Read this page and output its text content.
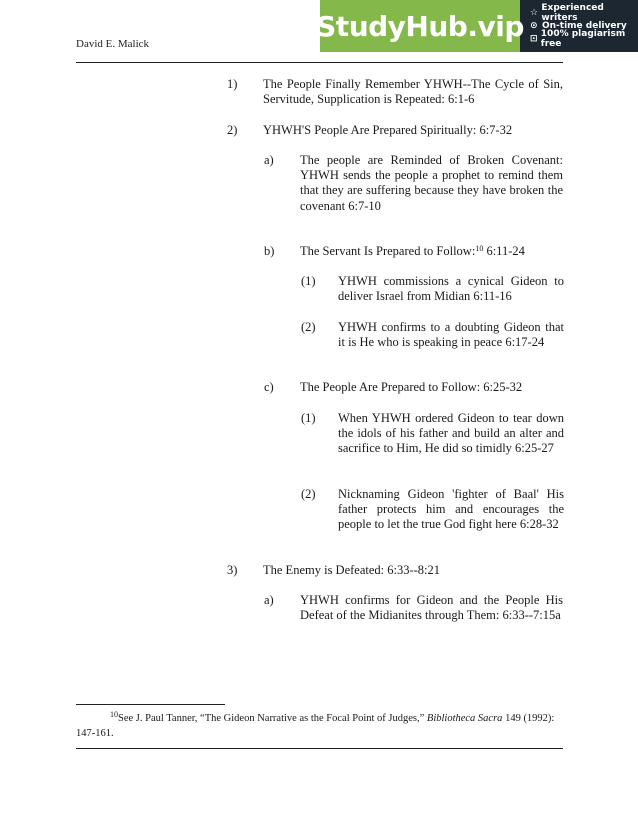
David E. Malick
StudyHub.vip ☆ Experienced writers
⊙ On-time delivery
⊡ 100% plagiarism free
1) The People Finally Remember YHWH--The Cycle of Sin, Servitude, Supplication is Repeated: 6:1-6
2) YHWH'S People Are Prepared Spiritually: 6:7-32
a) The people are Reminded of Broken Covenant: YHWH sends the people a prophet to remind them that they are suffering because they have broken the covenant 6:7-10
b) The Servant Is Prepared to Follow:$^{10}$ 6:11-24
(1) YHWH commissions a cynical Gideon to deliver Israel from Midian 6:11-16
(2) YHWH confirms to a doubting Gideon that it is He who is speaking in peace 6:17-24
c) The People Are Prepared to Follow: 6:25-32
(1) When YHWH ordered Gideon to tear down the idols of his father and build an alter and sacrifice to Him, He did so timidly 6:25-27
(2) Nicknaming Gideon 'fighter of Baal' His father protects him and encourages the people to let the true God fight here 6:28-32
3) The Enemy is Defeated: 6:33--8:21
a) YHWH confirms for Gideon and the People His Defeat of the Midianites through Them: 6:33--7:15a
$^{10}$See J. Paul Tanner, “The Gideon Narrative as the Focal Point of Judges,” Bibliotheca Sacra 149 (1992): 147-161.
